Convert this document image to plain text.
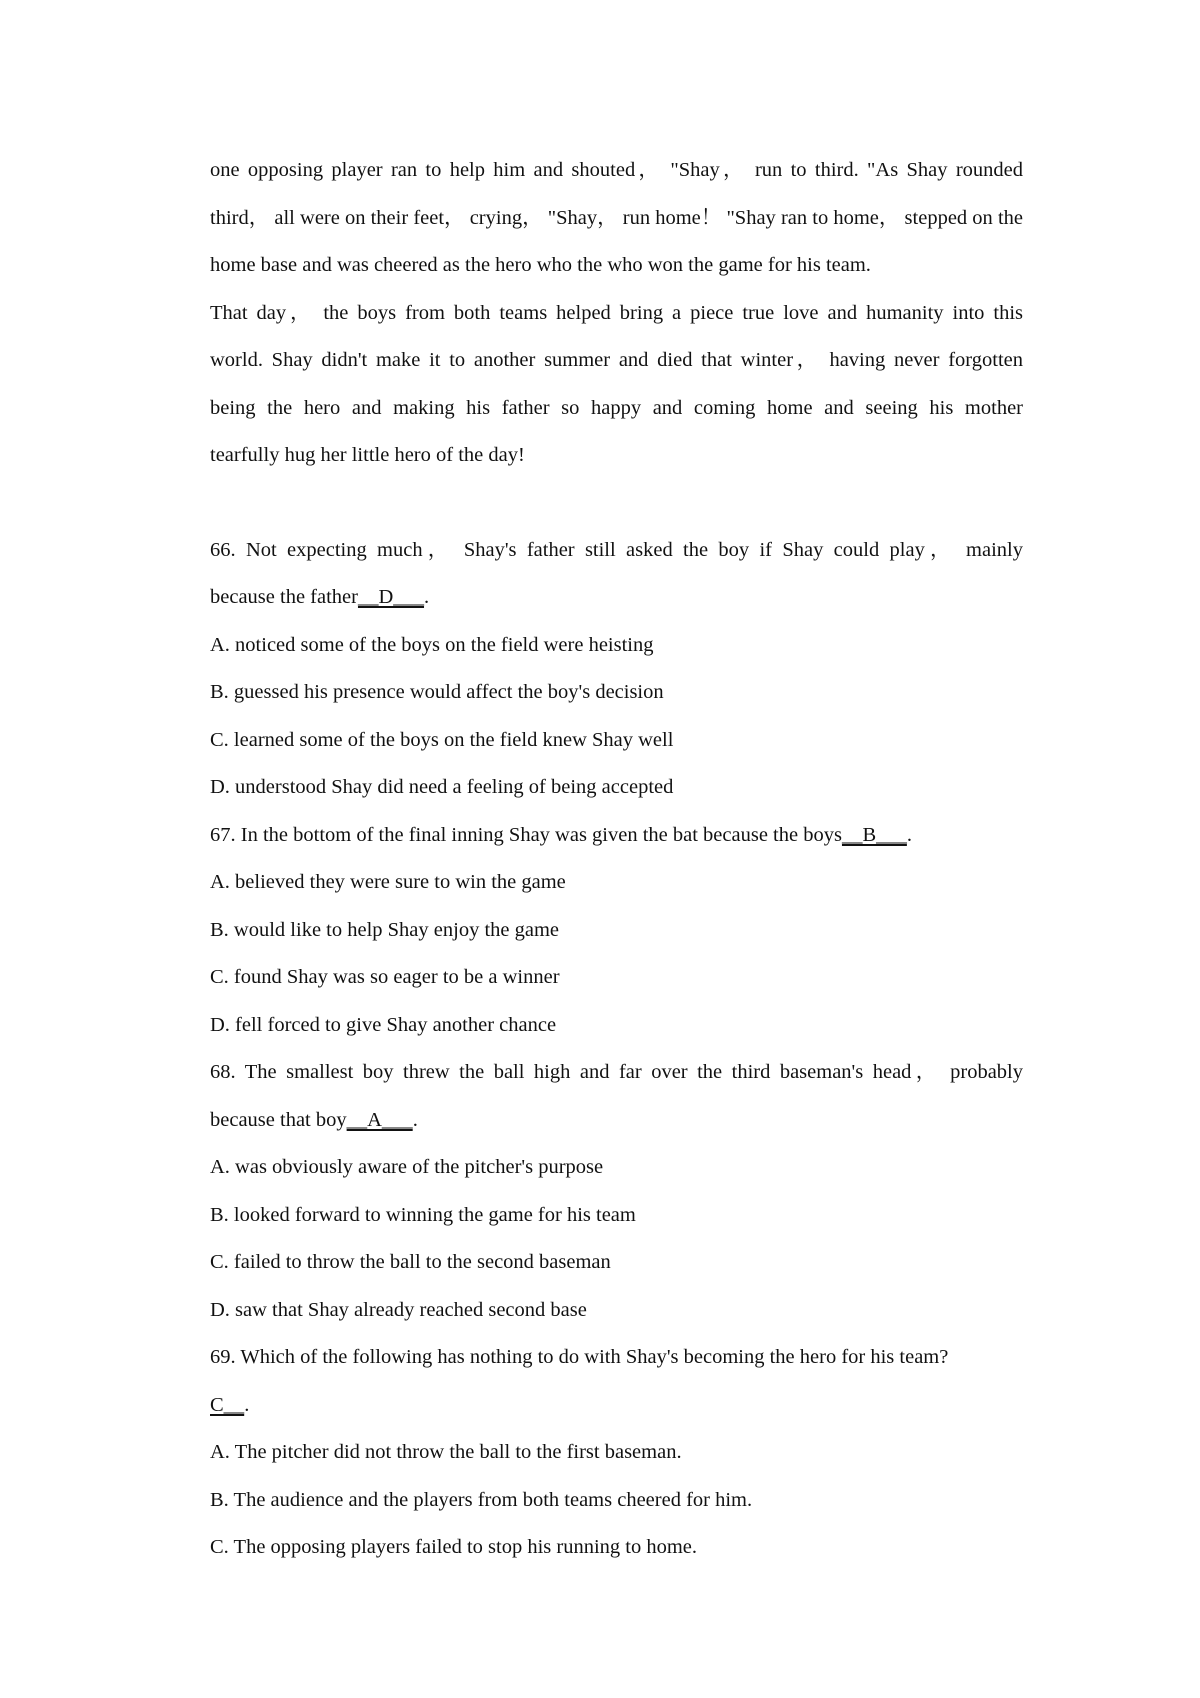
one opposing player ran to help him and shouted， "Shay， run to third. "As Shay rounded

third， all were on their feet， crying， "Shay， run home！ "Shay ran to home， stepped on the

home base and was cheered as the hero who the who won the game for his team.

That day， the boys from both teams helped bring a piece true love and humanity into this

world. Shay didn't make it to another summer and died that winter， having never forgotten

being the hero and making his father so happy and coming home and seeing his mother

tearfully hug her little hero of the day!

66. Not expecting much， Shay's father still asked the boy if Shay could play， mainly

because the father__D___.

A. noticed some of the boys on the field were heisting

B. guessed his presence would affect the boy's decision

C. learned some of the boys on the field knew Shay well

D. understood Shay did need a feeling of being accepted

67. In the bottom of the final inning Shay was given the bat because the boys__B___.

A. believed they were sure to win the game

B. would like to help Shay enjoy the game

C. found Shay was so eager to be a winner

D. fell forced to give Shay another chance

68. The smallest boy threw the ball high and far over the third baseman's head， probably

because that boy__A___.

A. was obviously aware of the pitcher's purpose

B. looked forward to winning the game for his team

C. failed to throw the ball to the second baseman

D. saw that Shay already reached second base

69. Which of the following has nothing to do with Shay's becoming the hero for his team?

C__.

A. The pitcher did not throw the ball to the first baseman.

B. The audience and the players from both teams cheered for him.

C. The opposing players failed to stop his running to home.
